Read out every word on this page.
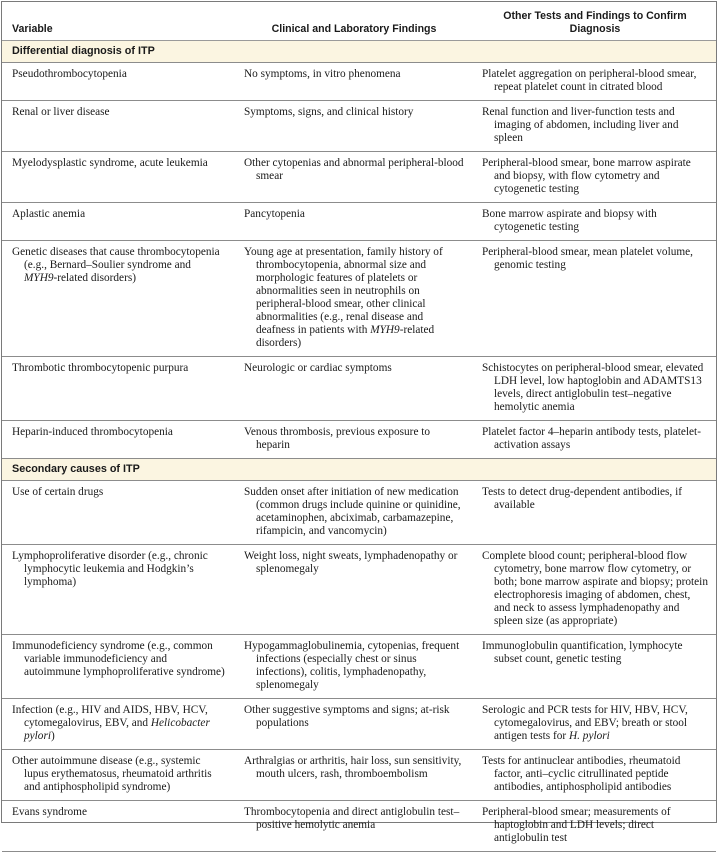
Variable	Clinical and Laboratory Findings	Other Tests and Findings to Confirm Diagnosis
Differential diagnosis of ITP		

Pseudothrombocytopenia	No symptoms, in vitro phenomena	Platelet aggregation on peripheral-blood smear, repeat platelet count in citrated blood

Renal or liver disease	Symptoms, signs, and clinical history	Renal function and liver-function tests and imaging of abdomen, including liver and spleen

Myelodysplastic syndrome, acute leukemia	Other cytopenias and abnormal peripheral-blood smear	Peripheral-blood smear, bone marrow aspirate and biopsy, with flow cytometry and cytogenetic testing

Aplastic anemia	Pancytopenia	Bone marrow aspirate and biopsy with cytogenetic testing

Genetic diseases that cause thrombocytopenia (e.g., Bernard–Soulier syndrome and MYH9-related disorders)	Young age at presentation, family history of thrombocytopenia, abnormal size and morphologic features of platelets or abnormalities seen in neutrophils on peripheral-blood smear, other clinical abnormalities (e.g., renal disease and deafness in patients with MYH9-related disorders)	Peripheral-blood smear, mean platelet volume, genomic testing

Thrombotic thrombocytopenic purpura	Neurologic or cardiac symptoms	Schistocytes on peripheral-blood smear, elevated LDH level, low haptoglobin and ADAMTS13 levels, direct antiglobulin test–negative hemolytic anemia

Heparin-induced thrombocytopenia	Venous thrombosis, previous exposure to heparin	Platelet factor 4–heparin antibody tests, platelet-activation assays

Secondary causes of ITP		

Use of certain drugs	Sudden onset after initiation of new medication (common drugs include quinine or quinidine, acetaminophen, abciximab, carbamazepine, rifampicin, and vancomycin)	Tests to detect drug-dependent antibodies, if available

Lymphoproliferative disorder (e.g., chronic lymphocytic leukemia and Hodgkin’s lymphoma)	Weight loss, night sweats, lymphadenopathy or splenomegaly	Complete blood count; peripheral-blood flow cytometry, bone marrow flow cytometry, or both; bone marrow aspirate and biopsy; protein electrophoresis imaging of abdomen, chest, and neck to assess lymphadenopathy and spleen size (as appropriate)

Immunodeficiency syndrome (e.g., common variable immunodeficiency and autoimmune lymphoproliferative syndrome)	Hypogammaglobulinemia, cytopenias, frequent infections (especially chest or sinus infections), colitis, lymphadenopathy, splenomegaly	Immunoglobulin quantification, lymphocyte subset count, genetic testing

Infection (e.g., HIV and AIDS, HBV, HCV, cytomegalovirus, EBV, and Helicobacter pylori)	Other suggestive symptoms and signs; at-risk populations	Serologic and PCR tests for HIV, HBV, HCV, cytomegalovirus, and EBV; breath or stool antigen tests for H. pylori

Other autoimmune disease (e.g., systemic lupus erythematosus, rheumatoid arthritis and antiphospholipid syndrome)	Arthralgias or arthritis, hair loss, sun sensitivity, mouth ulcers, rash, thromboembolism	Tests for antinuclear antibodies, rheumatoid factor, anti–cyclic citrullinated peptide antibodies, antiphospholipid antibodies

Evans syndrome	Thrombocytopenia and direct antiglobulin test–positive hemolytic anemia	Peripheral-blood smear; measurements of haptoglobin and LDH levels; direct antiglobulin test
